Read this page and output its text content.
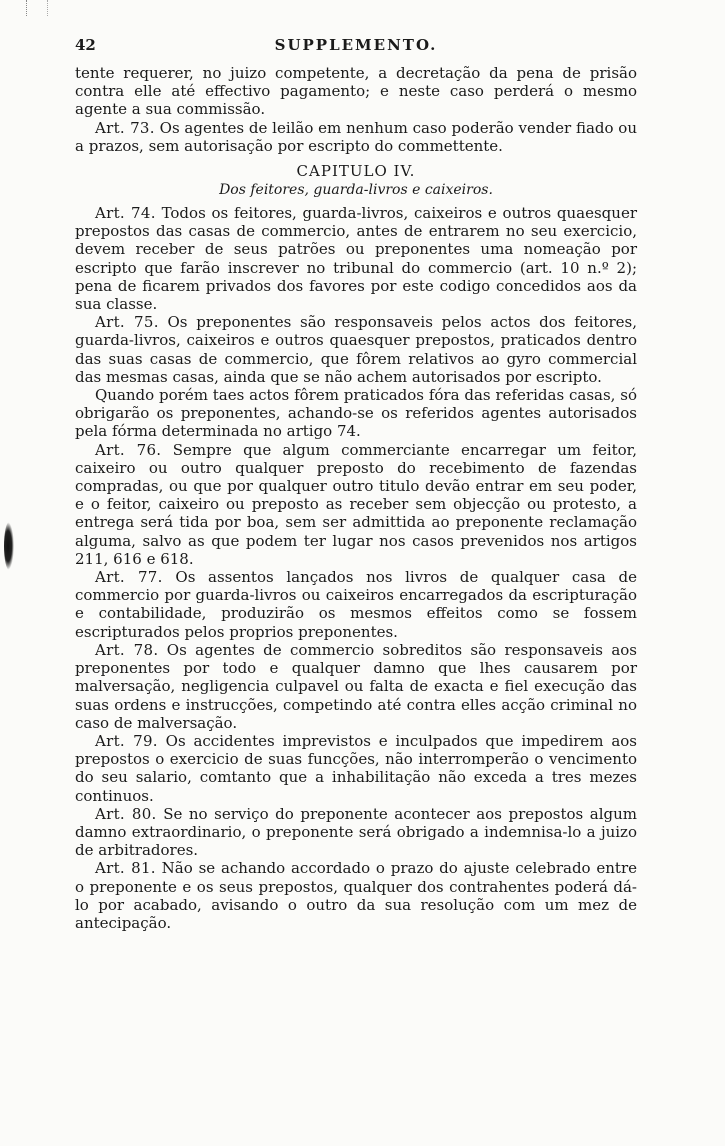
42	SUPPLEMENTO.

tente requerer, no juizo competente, a decretação da pena de prisão contra elle até effectivo pagamento; e neste caso perderá o mesmo agente a sua commissão.

Art. 73. Os agentes de leilão em nenhum caso poderão vender fiado ou a prazos, sem autorisação por escripto do commettente.

CAPITULO IV.
Dos feitores, guarda-livros e caixeiros.

Art. 74. Todos os feitores, guarda-livros, caixeiros e outros quaesquer prepostos das casas de commercio, antes de entrarem no seu exercicio, devem receber de seus patrões ou preponentes uma nomeação por escripto que farão inscrever no tribunal do commercio (art. 10 n.º 2); pena de ficarem privados dos favores por este codigo concedidos aos da sua classe.

Art. 75. Os preponentes são responsaveis pelos actos dos feitores, guarda-livros, caixeiros e outros quaesquer prepostos, praticados dentro das suas casas de commercio, que fôrem relativos ao gyro commercial das mesmas casas, ainda que se não achem autorisados por escripto.

Quando porém taes actos fôrem praticados fóra das referidas casas, só obrigarão os preponentes, achando-se os referidos agentes autorisados pela fórma determinada no artigo 74.

Art. 76. Sempre que algum commerciante encarregar um feitor, caixeiro ou outro qualquer preposto do recebimento de fazendas compradas, ou que por qualquer outro titulo devão entrar em seu poder, e o feitor, caixeiro ou preposto as receber sem objecção ou protesto, a entrega será tida por boa, sem ser admittida ao preponente reclamação alguma, salvo as que podem ter lugar nos casos prevenidos nos artigos 211, 616 e 618.

Art. 77. Os assentos lançados nos livros de qualquer casa de commercio por guarda-livros ou caixeiros encarregados da escripturação e contabilidade, produzirão os mesmos effeitos como se fossem escripturados pelos proprios preponentes.

Art. 78. Os agentes de commercio sobreditos são responsaveis aos preponentes por todo e qualquer damno que lhes causarem por malversação, negligencia culpavel ou falta de exacta e fiel execução das suas ordens e instrucções, competindo até contra elles acção criminal no caso de malversação.

Art. 79. Os accidentes imprevistos e inculpados que impedirem aos prepostos o exercicio de suas funcções, não interromperão o vencimento do seu salario, comtanto que a inhabilitação não exceda a tres mezes continuos.

Art. 80. Se no serviço do preponente acontecer aos prepostos algum damno extraordinario, o preponente será obrigado a indemnisa-lo a juizo de arbitradores.

Art. 81. Não se achando accordado o prazo do ajuste celebrado entre o preponente e os seus prepostos, qualquer dos contrahentes poderá dá-lo por acabado, avisando o outro da sua resolução com um mez de antecipação.
